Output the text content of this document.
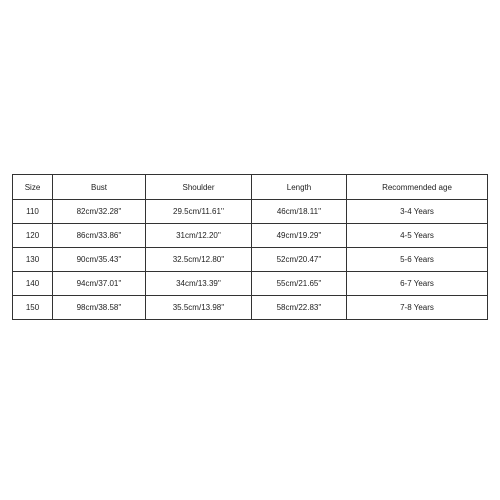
Size	Bust	Shoulder	Length	Recommended age
110	82cm/32.28''	29.5cm/11.61''	46cm/18.11''	3-4 Years
120	86cm/33.86''	31cm/12.20''	49cm/19.29''	4-5 Years
130	90cm/35.43''	32.5cm/12.80''	52cm/20.47''	5-6 Years
140	94cm/37.01''	34cm/13.39''	55cm/21.65''	6-7 Years
150	98cm/38.58''	35.5cm/13.98''	58cm/22.83''	7-8 Years
